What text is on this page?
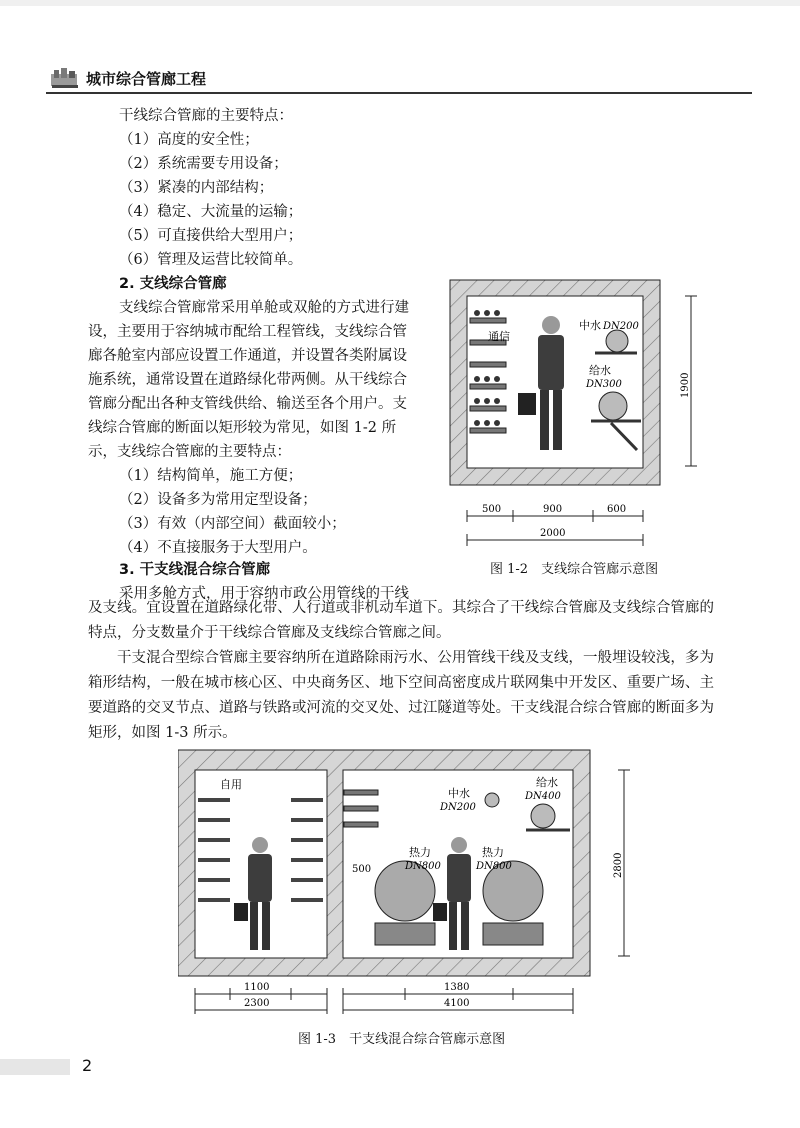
城市综合管廊工程
干线综合管廊的主要特点：
（1）高度的安全性；
（2）系统需要专用设备；
（3）紧凑的内部结构；
（4）稳定、大流量的运输；
（5）可直接供给大型用户；
（6）管理及运营比较简单。
2. 支线综合管廊
支线综合管廊常采用单舱或双舱的方式进行建
设，主要用于容纳城市配给工程管线，支线综合管
廊各舱室内部应设置工作通道，并设置各类附属设
施系统，通常设置在道路绿化带两侧。从干线综合
管廊分配出各种支管线供给、输送至各个用户。支
线综合管廊的断面以矩形较为常见，如图 1-2 所
示，支线综合管廊的主要特点：
（1）结构简单，施工方便；
（2）设备多为常用定型设备；
（3）有效（内部空间）截面较小；
（4）不直接服务于大型用户。
3. 干支线混合综合管廊
采用多舱方式，用于容纳市政公用管线的干线
及支线。宜设置在道路绿化带、人行道或非机动车道下。其综合了干线综合管廊及支线综合管廊的特点，分支数量介于干线综合管廊及支线综合管廊之间。
干支混合型综合管廊主要容纳所在道路除雨污水、公用管线干线及支线，一般埋设较浅，多为箱形结构，一般在城市核心区、中央商务区、地下空间高密度成片联网集中开发区、重要广场、主要道路的交叉节点、道路与铁路或河流的交叉处、过江隧道等处。干支线混合综合管廊的断面多为矩形，如图 1-3 所示。
通信
中水 DN200
给水
DN300	1900
500	900	600
2000
图 1-2　支线综合管廊示意图
自用
中水
DN200
给水
DN400
热力
DN800
热力
DN800
500	2800
1100
2300
1380
4100
图 1-3　干支线混合综合管廊示意图
2
